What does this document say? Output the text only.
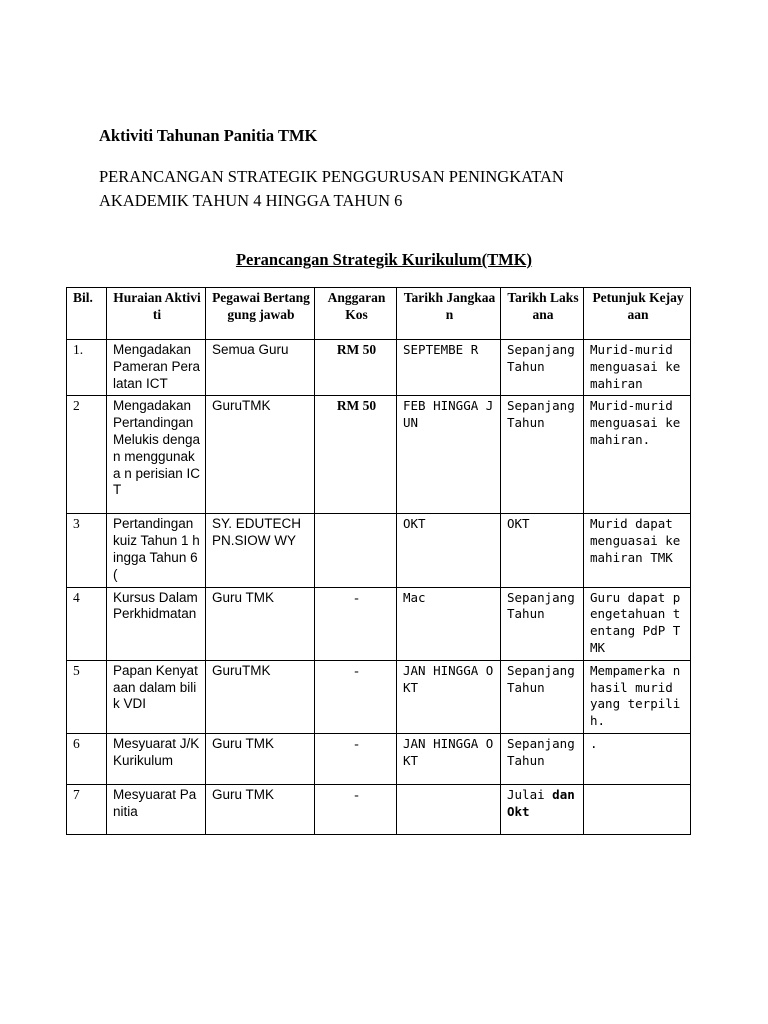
Aktiviti Tahunan Panitia TMK
PERANCANGAN STRATEGIK PENGGURUSAN PENINGKATAN
AKADEMIK TAHUN 4 HINGGA TAHUN 6
Perancangan Strategik Kurikulum(TMK)
Bil.	Huraian Aktiviti	Pegawai Bertanggung jawab	Anggaran Kos	Tarikh Jangkaan	Tarikh Laksana	Petunjuk Kejayaan
1.	Mengadakan Pameran Peralatan ICT	Semua Guru	RM 50	SEPTEMBE R	Sepanjang Tahun	Murid-murid menguasai kemahiran
2	Mengadakan Pertandingan Melukis dengan menggunaka n perisian ICT	GuruTMK	RM 50	FEB HINGGA JUN	Sepanjang Tahun	Murid-murid menguasai kemahiran.
3	Pertandingan kuiz Tahun 1 hingga Tahun 6 (	SY. EDUTECH PN.SIOW WY		OKT	OKT	Murid dapat menguasai kemahiran TMK
4	Kursus Dalam Perkhidmatan	Guru TMK	-	Mac	Sepanjang Tahun	Guru dapat pengetahuan tentang PdP TMK
5	Papan Kenyataan dalam bilik VDI	GuruTMK	-	JAN HINGGA OKT	Sepanjang Tahun	Mempamerka n hasil murid yang terpilih.
6	Mesyuarat J/K Kurikulum	Guru TMK	-	JAN HINGGA OKT	Sepanjang Tahun	.
7	Mesyuarat Panitia	Guru TMK	-		Julai dan Okt	
